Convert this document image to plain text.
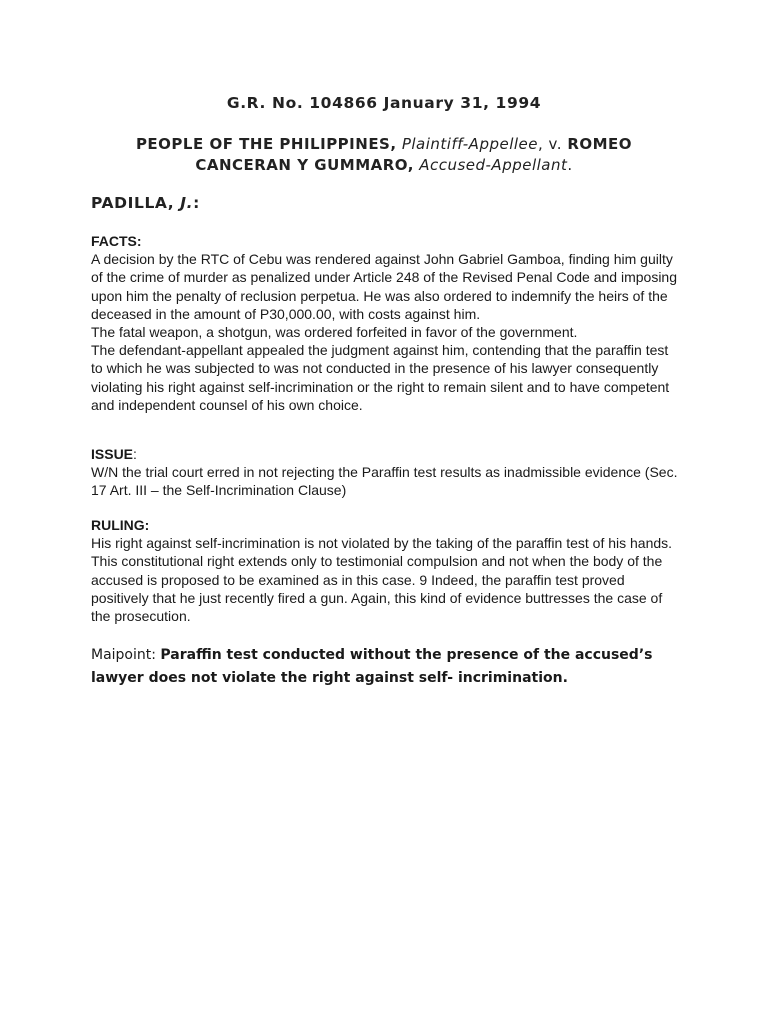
G.R. No. 104866 January 31, 1994
PEOPLE OF THE PHILIPPINES, Plaintiff-Appellee, v. ROMEO CANCERAN Y GUMMARO, Accused-Appellant.
PADILLA, J.:

FACTS:

A decision by the RTC of Cebu was rendered against John Gabriel Gamboa, finding him guilty of the crime of murder as penalized under Article 248 of the Revised Penal Code and imposing upon him the penalty of reclusion perpetua. He was also ordered to indemnify the heirs of the deceased in the amount of P30,000.00, with costs against him.

The fatal weapon, a shotgun, was ordered forfeited in favor of the government.

The defendant-appellant appealed the judgment against him, contending that the paraffin test to which he was subjected to was not conducted in the presence of his lawyer consequently violating his right against self-incrimination or the right to remain silent and to have competent and independent counsel of his own choice.

ISSUE:

W/N the trial court erred in not rejecting the Paraffin test results as inadmissible evidence (Sec. 17 Art. III – the Self-Incrimination Clause)

RULING:

His right against self-incrimination is not violated by the taking of the paraffin test of his hands. This constitutional right extends only to testimonial compulsion and not when the body of the accused is proposed to be examined as in this case. 9 Indeed, the paraffin test proved positively that he just recently fired a gun. Again, this kind of evidence buttresses the case of the prosecution.

Maipoint: Paraffin test conducted without the presence of the accused’s lawyer does not violate the right against self- incrimination.
